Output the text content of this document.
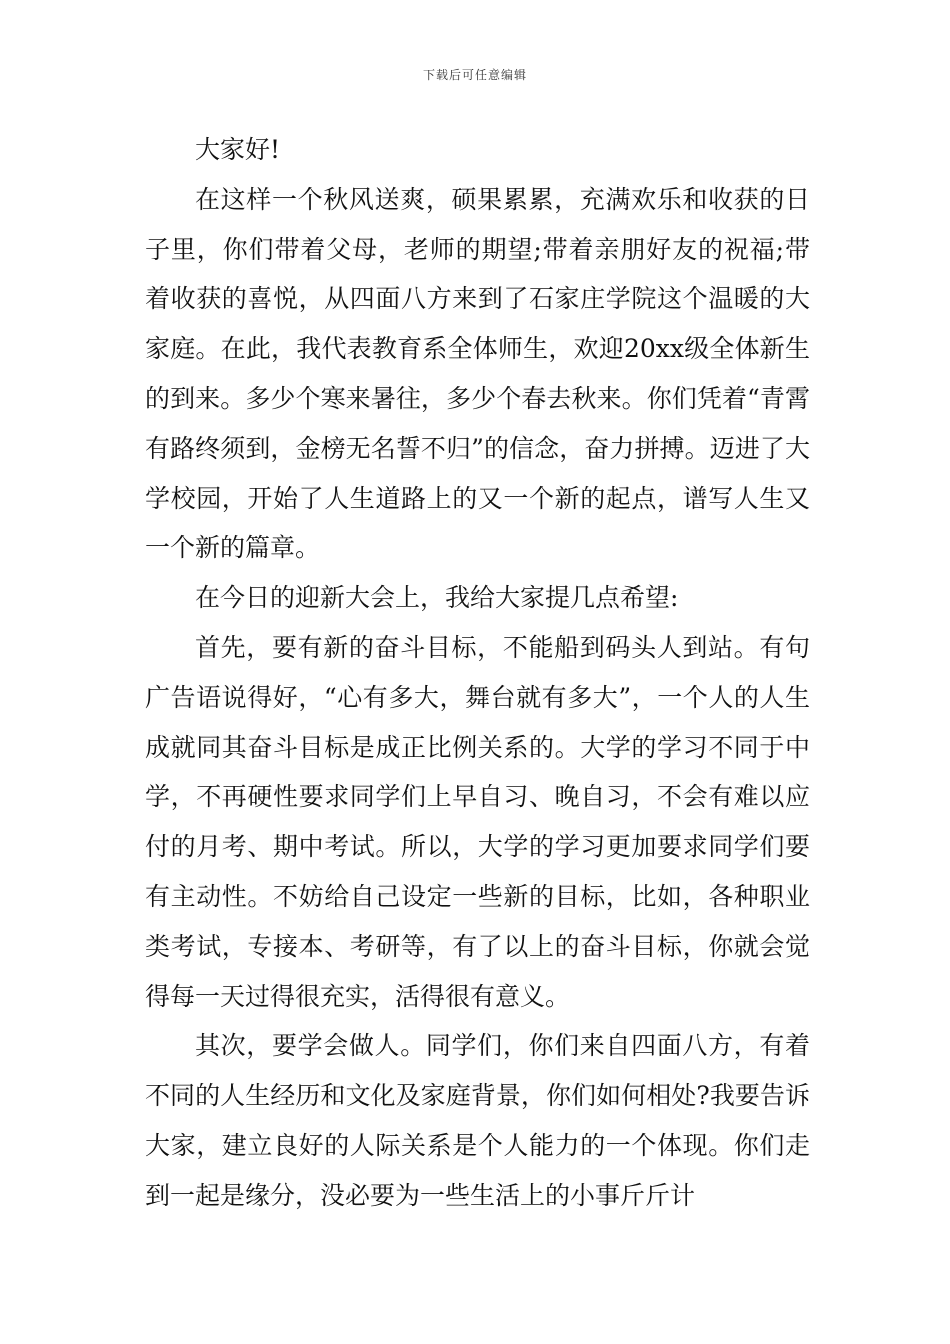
下载后可任意编辑

大家好!

在这样一个秋风送爽，硕果累累，充满欢乐和收获的日子里，你们带着父母，老师的期望;带着亲朋好友的祝福;带着收获的喜悦，从四面八方来到了石家庄学院这个温暖的大家庭。在此，我代表教育系全体师生，欢迎20xx级全体新生的到来。多少个寒来暑往，多少个春去秋来。你们凭着“青霄有路终须到，金榜无名誓不归”的信念，奋力拼搏。迈进了大学校园，开始了人生道路上的又一个新的起点，谱写人生又一个新的篇章。

在今日的迎新大会上，我给大家提几点希望:

首先，要有新的奋斗目标，不能船到码头人到站。有句广告语说得好，“心有多大，舞台就有多大”，一个人的人生成就同其奋斗目标是成正比例关系的。大学的学习不同于中学，不再硬性要求同学们上早自习、晚自习，不会有难以应付的月考、期中考试。所以，大学的学习更加要求同学们要有主动性。不妨给自己设定一些新的目标，比如，各种职业类考试，专接本、考研等，有了以上的奋斗目标，你就会觉得每一天过得很充实，活得很有意义。

其次，要学会做人。同学们，你们来自四面八方，有着不同的人生经历和文化及家庭背景，你们如何相处?我要告诉大家，建立良好的人际关系是个人能力的一个体现。你们走到一起是缘分，没必要为一些生活上的小事斤斤计
